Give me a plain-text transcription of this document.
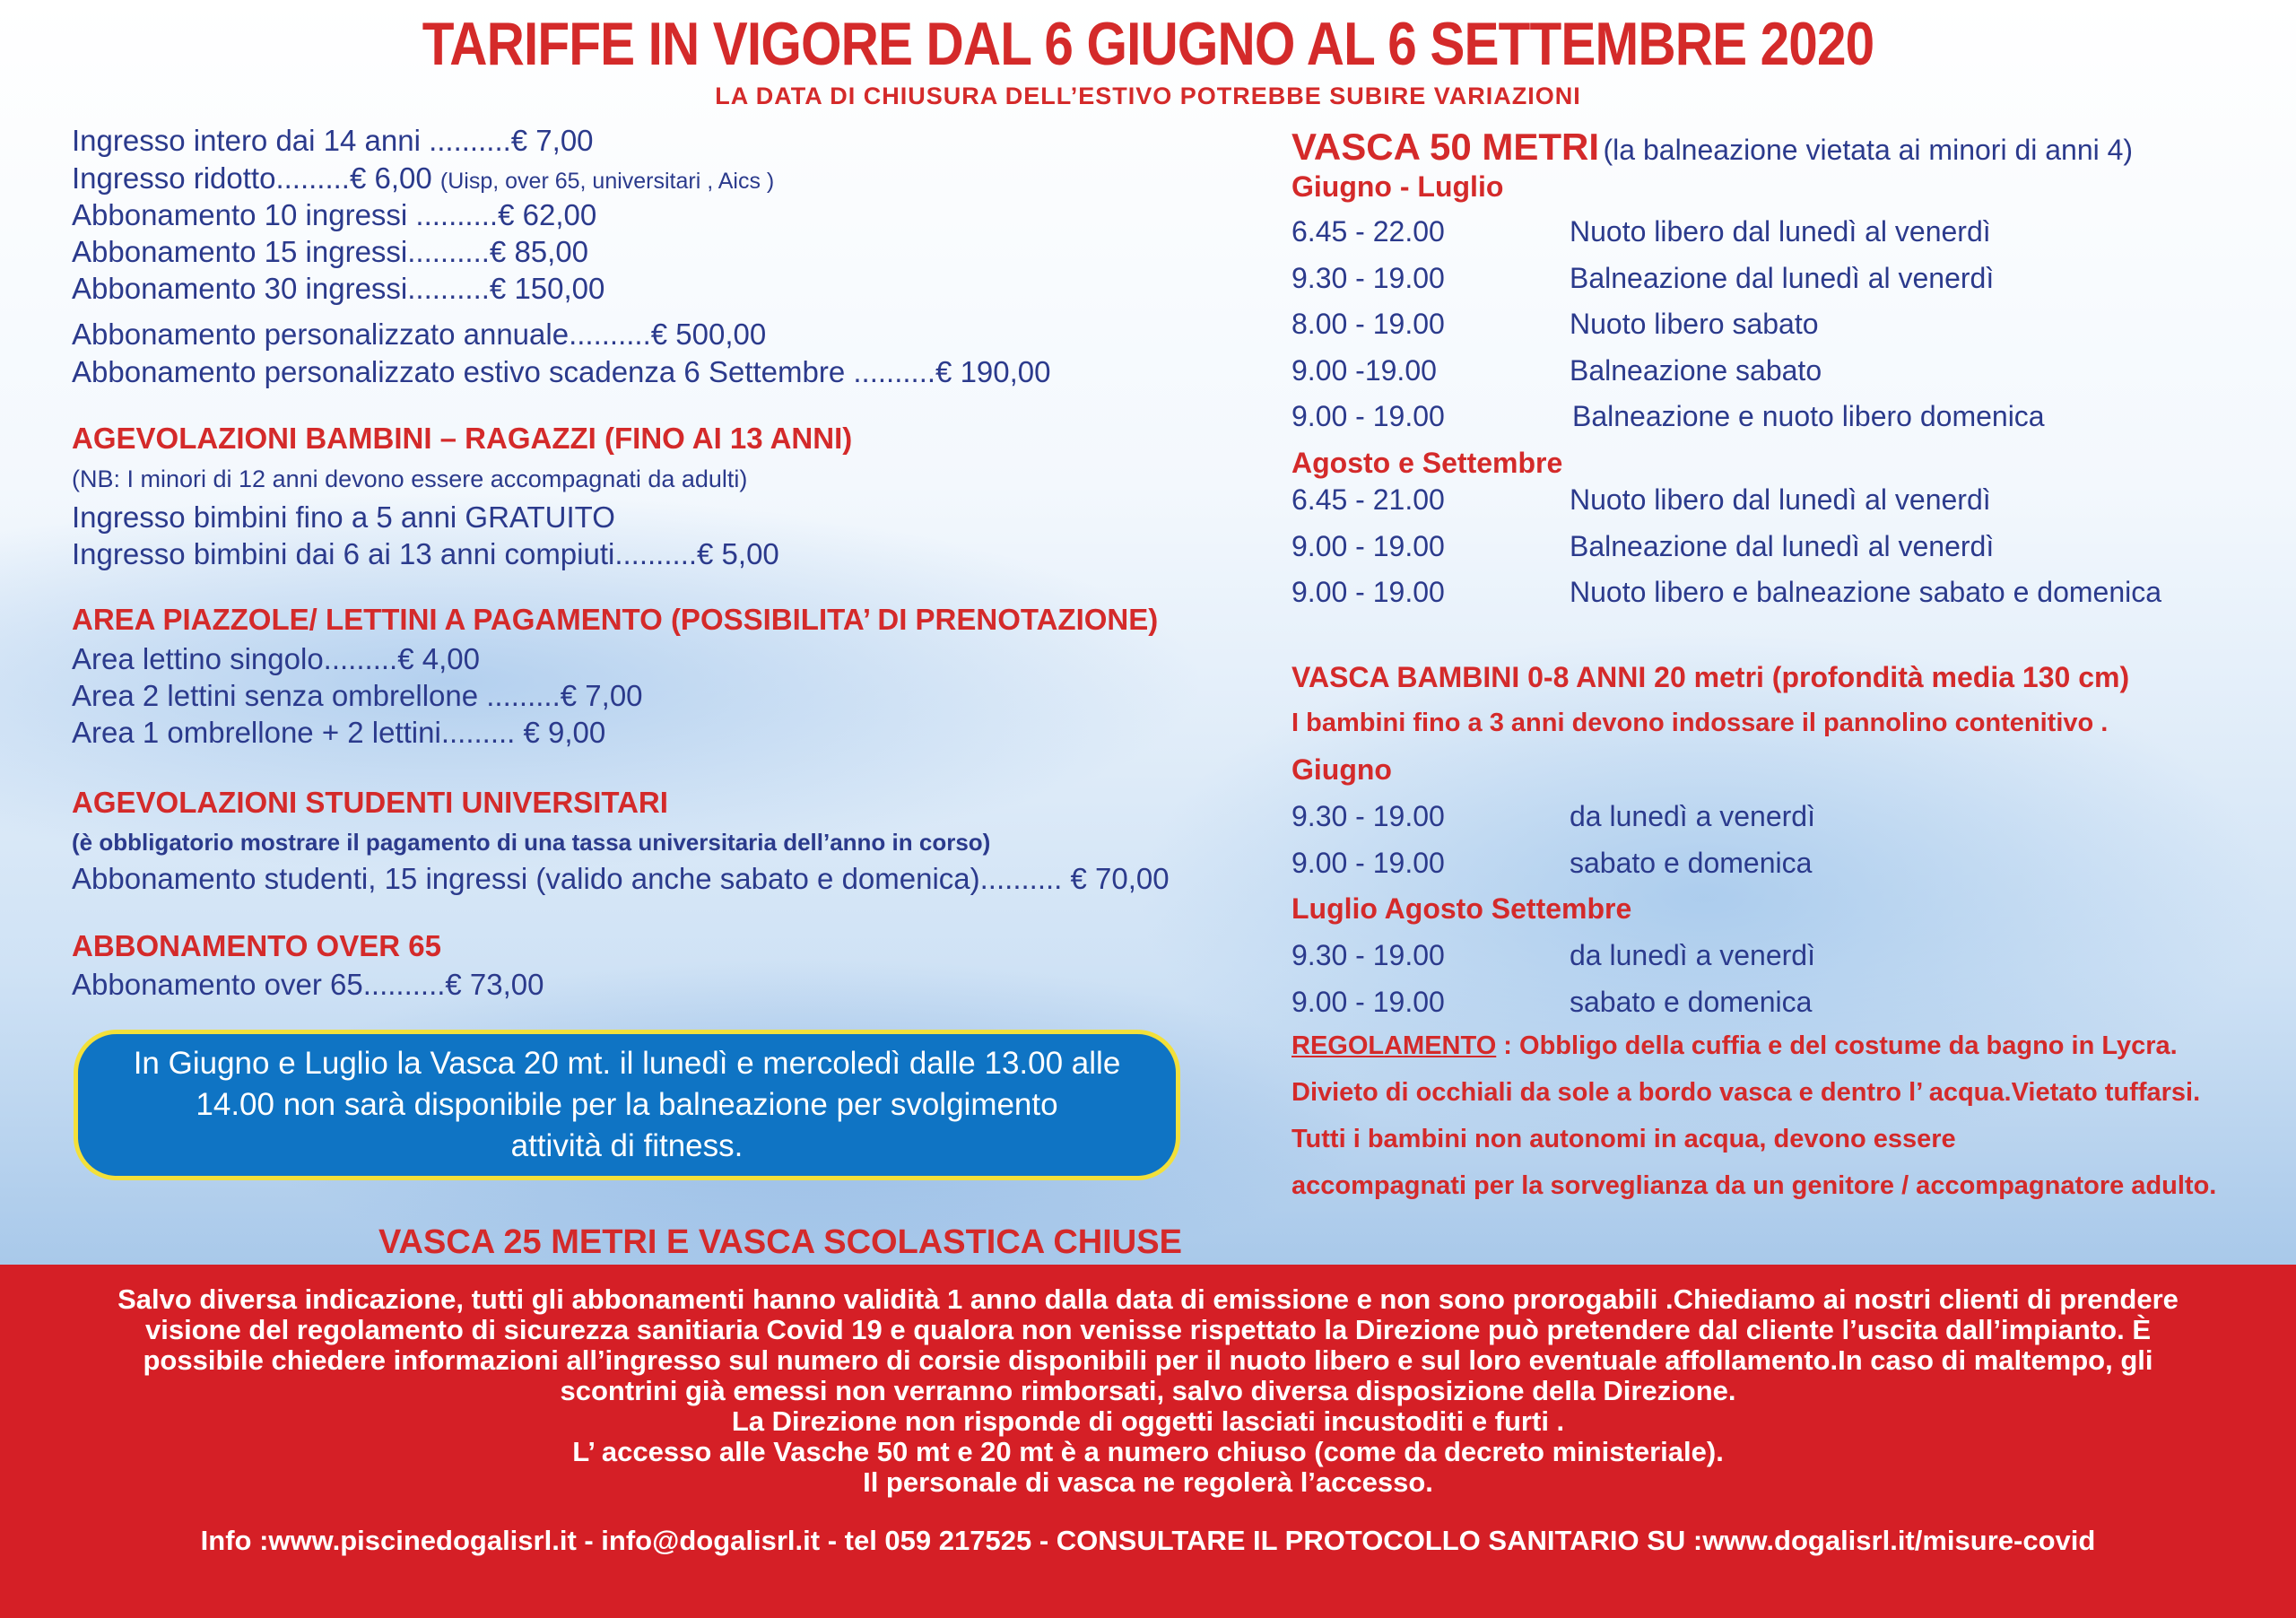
TARIFFE IN VIGORE DAL 6 GIUGNO AL 6 SETTEMBRE 2020
LA DATA DI CHIUSURA DELL’ESTIVO POTREBBE SUBIRE VARIAZIONI
Ingresso intero dai 14 anni ..........€ 7,00
Ingresso ridotto.........€ 6,00 (Uisp, over 65, universitari , Aics )
Abbonamento 10 ingressi ..........€ 62,00
Abbonamento 15 ingressi..........€ 85,00
Abbonamento 30 ingressi..........€ 150,00
Abbonamento personalizzato annuale..........€ 500,00
Abbonamento personalizzato estivo scadenza 6 Settembre ..........€ 190,00
AGEVOLAZIONI BAMBINI – RAGAZZI (FINO AI 13 ANNI)
(NB: I minori di 12 anni devono essere accompagnati da adulti)
Ingresso bimbini fino a 5 anni GRATUITO
Ingresso bimbini dai 6 ai 13 anni compiuti..........€ 5,00
AREA PIAZZOLE/ LETTINI A PAGAMENTO (POSSIBILITA’ DI PRENOTAZIONE)
Area lettino singolo.........€ 4,00
Area 2 lettini senza ombrellone .........€ 7,00
Area 1 ombrellone + 2 lettini......... € 9,00
AGEVOLAZIONI STUDENTI UNIVERSITARI
(è obbligatorio mostrare il pagamento di una tassa universitaria dell’anno in corso)
Abbonamento studenti, 15 ingressi (valido anche sabato e domenica).......... € 70,00
ABBONAMENTO OVER 65
Abbonamento over 65..........€ 73,00
In Giugno e Luglio la Vasca 20 mt. il lunedì e mercoledì dalle 13.00 alle
14.00 non sarà disponibile per la balneazione per svolgimento
attività di fitness.
VASCA 50 METRI (la balneazione vietata ai minori di anni 4)
Giugno - Luglio
6.45 - 22.00	Nuoto libero dal lunedì al venerdì
9.30 - 19.00	Balneazione dal lunedì al venerdì
8.00 - 19.00	Nuoto libero sabato
9.00 -19.00	Balneazione sabato
9.00 - 19.00	Balneazione e nuoto libero domenica
Agosto e Settembre
6.45 - 21.00	Nuoto libero dal lunedì al venerdì
9.00 - 19.00	Balneazione dal lunedì al venerdì
9.00 - 19.00	Nuoto libero e balneazione sabato e domenica
VASCA BAMBINI 0-8 ANNI 20 metri (profondità media 130 cm)
I bambini fino a 3 anni devono indossare il pannolino contenitivo .
Giugno
9.30 - 19.00	da lunedì a venerdì
9.00 - 19.00	sabato e domenica
Luglio Agosto Settembre
9.30 - 19.00	da lunedì a venerdì
9.00 - 19.00	sabato e domenica
REGOLAMENTO : Obbligo della cuffia e del costume da bagno in Lycra.
Divieto di occhiali da sole a bordo vasca e dentro l’ acqua.Vietato tuffarsi.
Tutti i bambini non autonomi in acqua, devono essere
accompagnati per la sorveglianza da un genitore / accompagnatore adulto.
VASCA 25 METRI E VASCA SCOLASTICA CHIUSE
Salvo diversa indicazione, tutti gli abbonamenti hanno validità 1 anno dalla data di emissione e non sono prorogabili .Chiediamo ai nostri clienti di prendere
visione del regolamento di sicurezza sanitiaria Covid 19 e qualora non venisse rispettato la Direzione può pretendere dal cliente l’uscita dall’impianto. È
possibile chiedere informazioni all’ingresso sul numero di corsie disponibili per il nuoto libero e sul loro eventuale affollamento.In caso di maltempo, gli
scontrini già emessi non verranno rimborsati, salvo diversa disposizione della Direzione.
La Direzione non risponde di oggetti lasciati incustoditi e furti .
L’ accesso alle Vasche 50 mt e 20 mt è a numero chiuso (come da decreto ministeriale).
Il personale di vasca ne regolerà l’accesso.
Info :www.piscinedogalisrl.it - info@dogalisrl.it - tel 059 217525 - CONSULTARE IL PROTOCOLLO SANITARIO SU :www.dogalisrl.it/misure-covid
